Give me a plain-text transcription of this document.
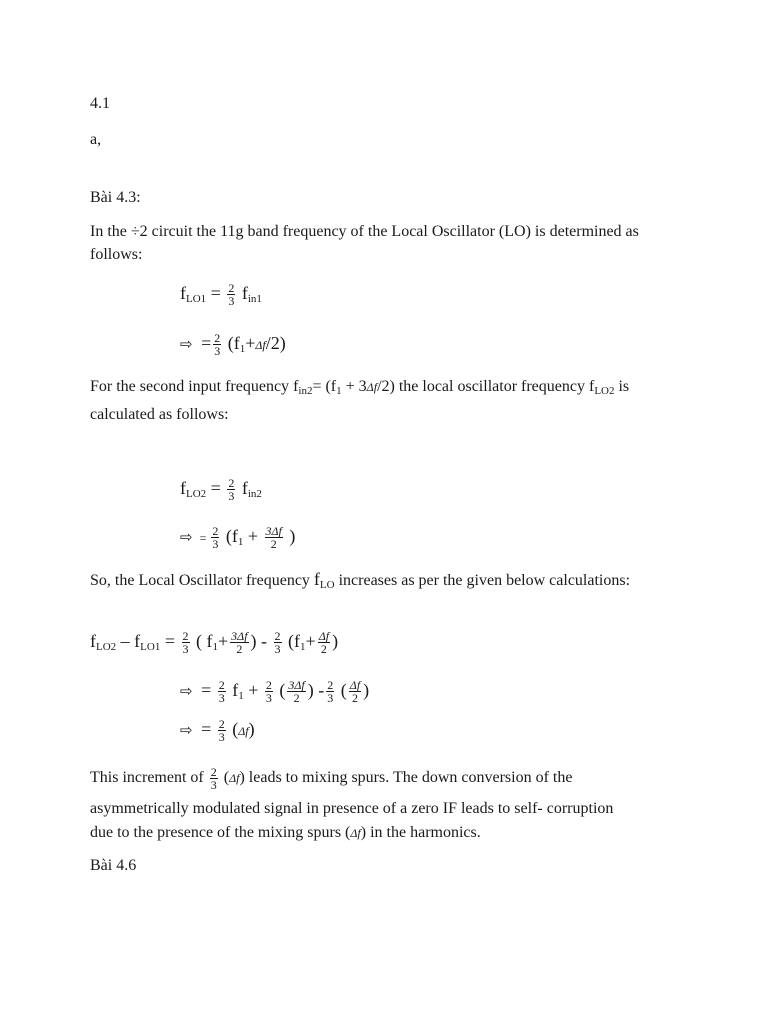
4.1
a,
Bài 4.3:
In the ÷2 circuit the 11g band frequency of the Local Oscillator (LO) is determined as follows:
$f_{LO1} = \frac{2}{3} f_{in1}$
⇨ = $\frac{2}{3} (f_1+\Delta f/2)$

For the second input frequency $f_{in2}= (f_1 + 3\Delta f/2)$ the local oscillator frequency $f_{LO2}$ is calculated as follows:

$f_{LO2} = \frac{2}{3} f_{in2}$
⇨ = $\frac{2}{3} (f_1 + \frac{3\Delta f}{2}$ )

So, the Local Oscillator frequency $f_{LO}$ increases as per the given below calculations:

$f_{LO2} - f_{LO1} = \frac{2}{3}$ ( $f_1+ \frac{3\Delta f}{2}$ ) - $\frac{2}{3} (f_1+ \frac{\Delta f}{2}$ )
⇨ = $\frac{2}{3} f_1 + \frac{2}{3}$ ( $\frac{3\Delta f}{2}$ ) - $\frac{2}{3}$ ( $\frac{\Delta f}{2}$ )
⇨ = $\frac{2}{3} (\Delta f)$
This increment of $\frac{2}{3} (\Delta f)$ leads to mixing spurs. The down conversion of the
asymmetrically modulated signal in presence of a zero IF leads to self- corruption
due to the presence of the mixing spurs (Δf) in the harmonics.
Bài 4.6
